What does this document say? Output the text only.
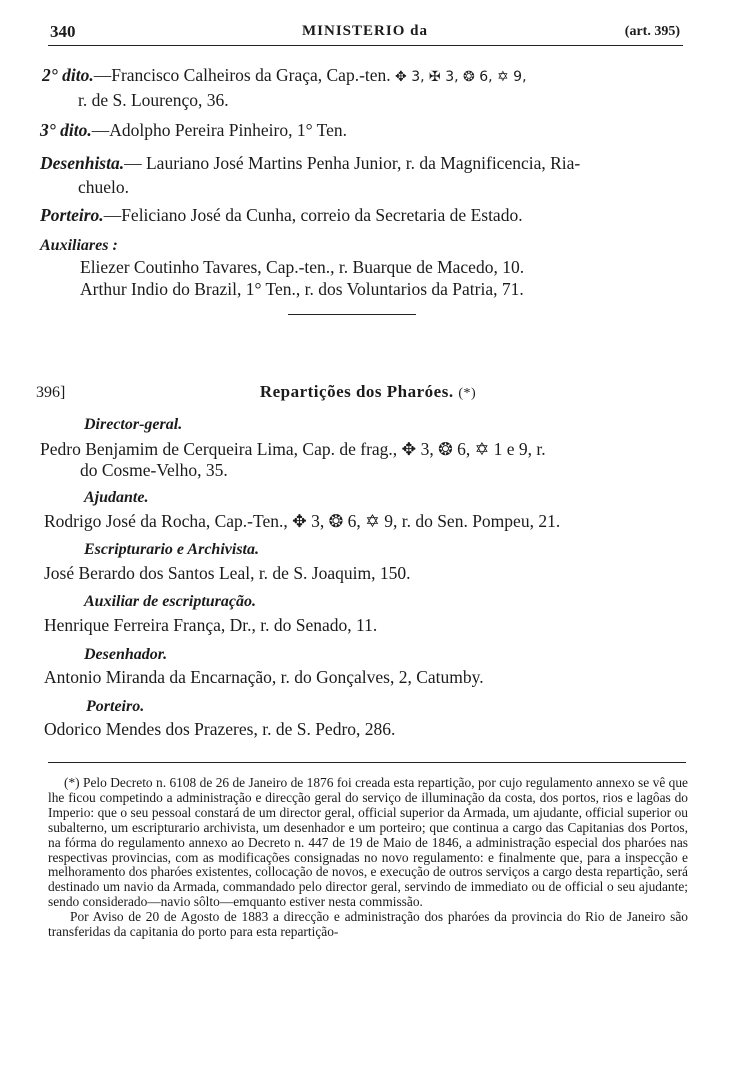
340	MINISTERIO da	(art. 395)
2° dito.—Francisco Calheiros da Graça, Cap.-ten. ✥ 3, ✠ 3, ❂ 6, ✡ 9,
r. de S. Lourenço, 36.
3° dito.—Adolpho Pereira Pinheiro, 1° Ten.
Desenhista.— Lauriano José Martins Penha Junior, r. da Magnificencia, Ria-
chuelo.
Porteiro.—Feliciano José da Cunha, correio da Secretaria de Estado.
Auxiliares :
Eliezer Coutinho Tavares, Cap.-ten., r. Buarque de Macedo, 10.
Arthur Indio do Brazil, 1° Ten., r. dos Voluntarios da Patria, 71.
396]	Repartições dos Pharóes. (*)
Director-geral.
Pedro Benjamim de Cerqueira Lima, Cap. de frag., ✥ 3, ❂ 6, ✡ 1 e 9, r.
do Cosme-Velho, 35.
Ajudante.
Rodrigo José da Rocha, Cap.-Ten., ✥ 3, ❂ 6, ✡ 9, r. do Sen. Pompeu, 21.
Escripturario e Archivista.
José Berardo dos Santos Leal, r. de S. Joaquim, 150.
Auxiliar de escripturação.
Henrique Ferreira França, Dr., r. do Senado, 11.
Desenhador.
Antonio Miranda da Encarnação, r. do Gonçalves, 2, Catumby.
Porteiro.
Odorico Mendes dos Prazeres, r. de S. Pedro, 286.

(*) Pelo Decreto n. 6108 de 26 de Janeiro de 1876 foi creada esta repartição, por cujo regulamento annexo se vê que lhe ficou competindo a administração e direcção geral do serviço de illuminação da costa, dos portos, rios e lagôas do Imperio: que o seu pessoal constará de um director geral, official superior da Armada, um ajudante, official superior ou subalterno, um escripturario archivista, um desenhador e um porteiro; que continua a cargo das Capitanias dos Portos, na fórma do regulamento annexo ao Decreto n. 447 de 19 de Maio de 1846, a administração especial dos pharóes nas respectivas provincias, com as modificações consignadas no novo regulamento: e finalmente que, para a inspecção e melhoramento dos pharóes existentes, collocação de novos, e execução de outros serviços a cargo desta repartição, será destinado um navio da Armada, commandado pelo director geral, servindo de immediato ou de official o seu ajudante; sendo considerado—navio sôlto—emquanto estiver nesta commissão.

Por Aviso de 20 de Agosto de 1883 a direcção e administração dos pharóes da provincia do Rio de Janeiro são transferidas da capitania do porto para esta repartição-
